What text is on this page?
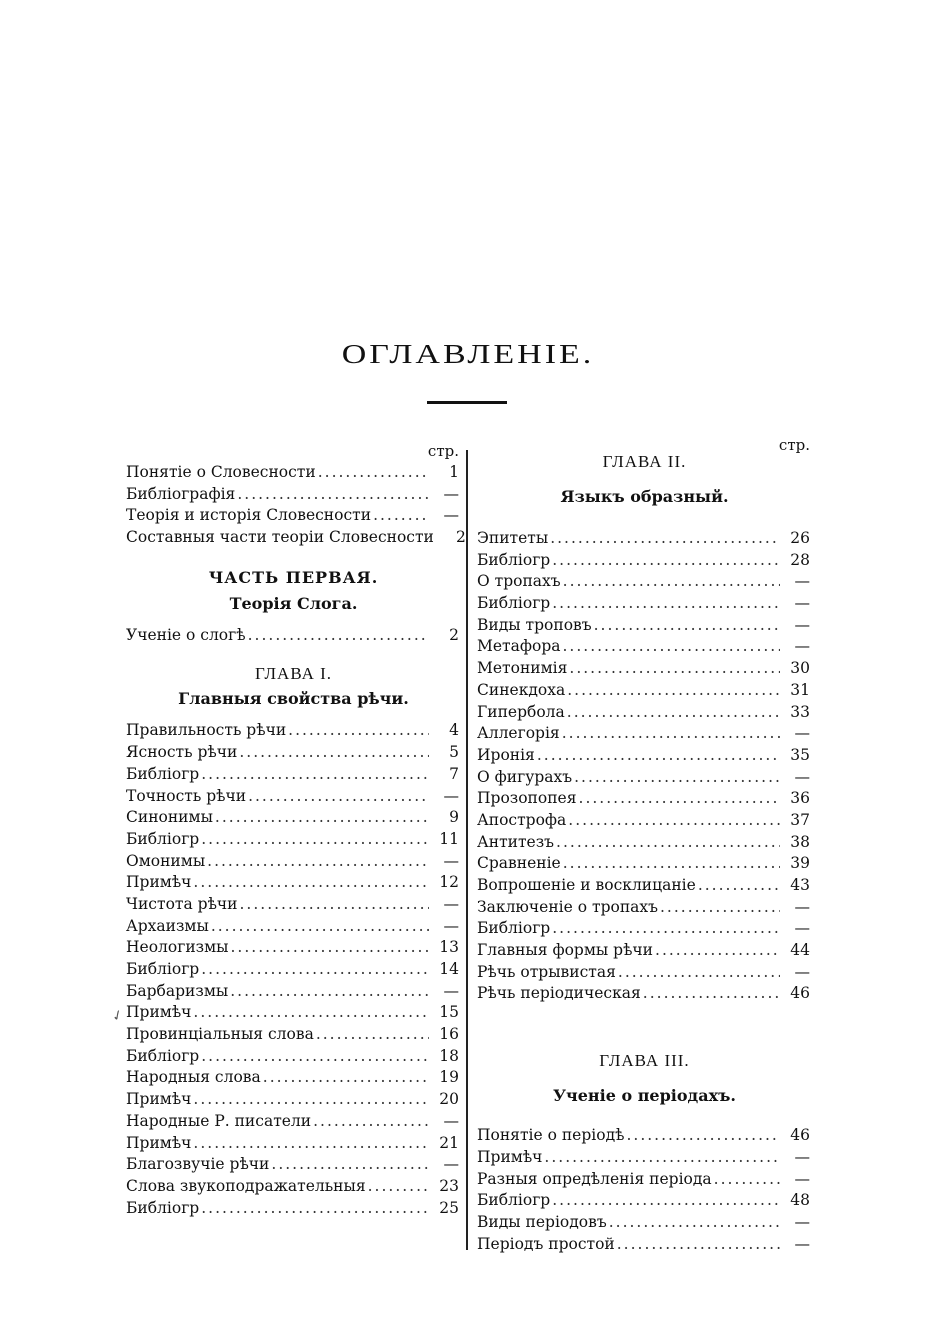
ОГЛАВЛЕНІЕ.
✓
стр.
Понятіе о Словесности .....	1
Библіографія .....	—
Теорія и исторія Словесности .....	—
Составныя части теоріи Словесности	2
ЧАСТЬ ПЕРВАЯ.
Теорія Слога.
Ученіе о слогѣ .....	2
ГЛАВА I.
Главныя свойства рѣчи.
Правильность рѣчи .....	4
Ясность рѣчи .....	5
Библіогр .....	7
Точность рѣчи .....	—
Синонимы .....	9
Библіогр .....	11
Омонимы .....	—
Примѣч .....	12
Чистота рѣчи .....	—
Архаизмы .....	—
Неологизмы .....	13
Библіогр .....	14
Барбаризмы .....	—
Примѣч .....	15
Провинціальныя слова .....	16
Библіогр .....	18
Народныя слова .....	19
Примѣч .....	20
Народные Р. писатели .....	—
Примѣч .....	21
Благозвучіе рѣчи .....	—
Слова звукоподражательныя .....	23
Библіогр .....	25
стр.
ГЛАВА II.
Языкъ образный.
Эпитеты .....	26
Библіогр .....	28
О тропахъ .....	—
Библіогр .....	—
Виды троповъ .....	—
Метафора .....	—
Метонимія .....	30
Синекдоха .....	31
Гипербола .....	33
Аллегорія .....	—
Иронія .....	35
О фигурахъ .....	—
Прозопопея .....	36
Апострофа .....	37
Антитезъ .....	38
Сравненіе .....	39
Вопрошеніе и восклицаніе .....	43
Заключеніе о тропахъ .....	—
Библіогр .....	—
Главныя формы рѣчи .....	44
Рѣчь отрывистая .....	—
Рѣчь періодическая .....	46
ГЛАВА III.
Ученіе о періодахъ.
Понятіе о періодѣ .....	46
Примѣч .....	—
Разныя опредѣленія періода .....	—
Библіогр .....	48
Виды періодовъ .....	—
Періодъ простой .....	—
